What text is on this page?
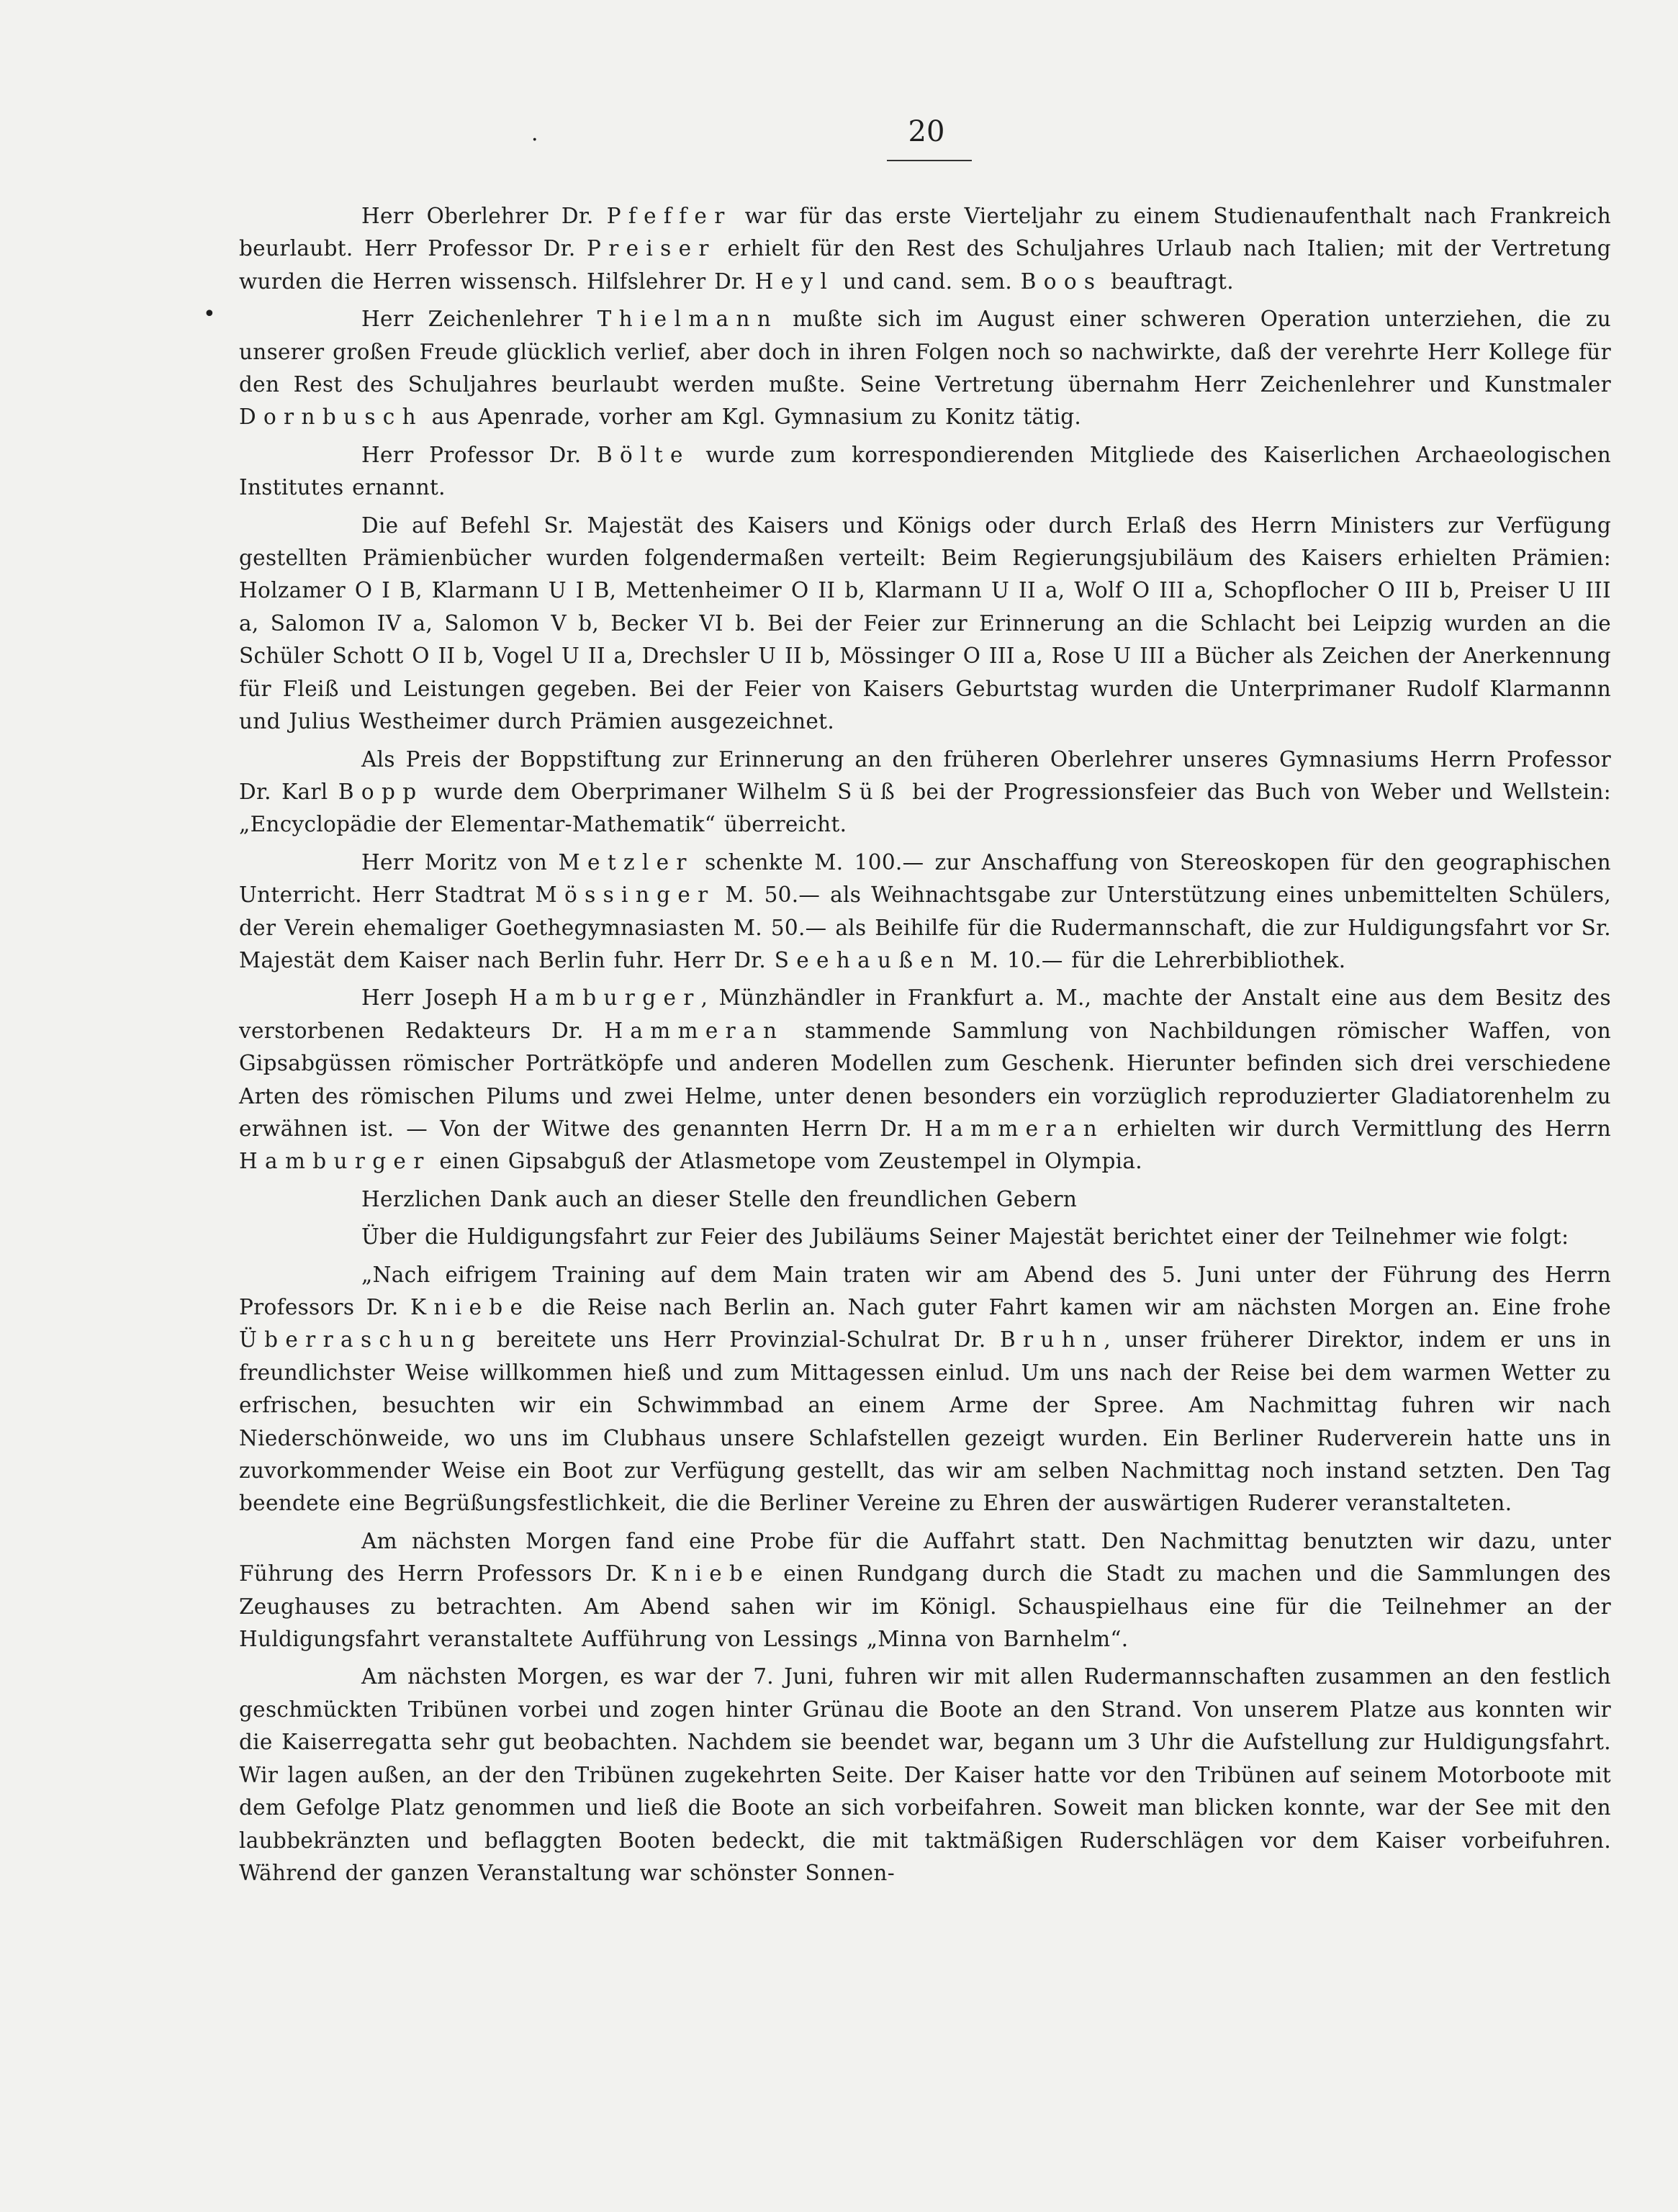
20
·
•

Herr Oberlehrer Dr. Pfeffer war für das erste Vierteljahr zu einem Studienaufenthalt nach Frankreich beurlaubt. Herr Professor Dr. Preiser erhielt für den Rest des Schuljahres Urlaub nach Italien; mit der Vertretung wurden die Herren wissensch. Hilfslehrer Dr. Heyl und cand. sem. Boos beauftragt.

Herr Zeichenlehrer Thielmann mußte sich im August einer schweren Operation unterziehen, die zu unserer großen Freude glücklich verlief, aber doch in ihren Folgen noch so nachwirkte, daß der verehrte Herr Kollege für den Rest des Schuljahres beurlaubt werden mußte. Seine Vertretung übernahm Herr Zeichenlehrer und Kunstmaler Dornbusch aus Apenrade, vorher am Kgl. Gymnasium zu Konitz tätig.

Herr Professor Dr. Bölte wurde zum korrespondierenden Mitgliede des Kaiserlichen Archaeologischen Institutes ernannt.

Die auf Befehl Sr. Majestät des Kaisers und Königs oder durch Erlaß des Herrn Ministers zur Verfügung gestellten Prämienbücher wurden folgendermaßen verteilt: Beim Regierungsjubiläum des Kaisers erhielten Prämien: Holzamer O I B, Klarmann U I B, Mettenheimer O II b, Klarmann U II a, Wolf O III a, Schopflocher O III b, Preiser U III a, Salomon IV a, Salomon V b, Becker VI b. Bei der Feier zur Erinnerung an die Schlacht bei Leipzig wurden an die Schüler Schott O II b, Vogel U II a, Drechsler U II b, Mössinger O III a, Rose U III a Bücher als Zeichen der Anerkennung für Fleiß und Leistungen gegeben. Bei der Feier von Kaisers Geburtstag wurden die Unterprimaner Rudolf Klarmannn und Julius Westheimer durch Prämien ausgezeichnet.

Als Preis der Boppstiftung zur Erinnerung an den früheren Oberlehrer unseres Gymnasiums Herrn Professor Dr. Karl Bopp wurde dem Oberprimaner Wilhelm Süß bei der Progressionsfeier das Buch von Weber und Wellstein: „Encyclopädie der Elementar-Mathematik“ überreicht.

Herr Moritz von Metzler schenkte M. 100.— zur Anschaffung von Stereoskopen für den geographischen Unterricht. Herr Stadtrat Mössinger M. 50.— als Weihnachtsgabe zur Unterstützung eines unbemittelten Schülers, der Verein ehemaliger Goethegymnasiasten M. 50.— als Beihilfe für die Rudermannschaft, die zur Huldigungsfahrt vor Sr. Majestät dem Kaiser nach Berlin fuhr. Herr Dr. Seehaußen M. 10.— für die Lehrerbibliothek.

Herr Joseph Hamburger, Münzhändler in Frankfurt a. M., machte der Anstalt eine aus dem Besitz des verstorbenen Redakteurs Dr. Hammeran stammende Sammlung von Nachbildungen römischer Waffen, von Gipsabgüssen römischer Porträtköpfe und anderen Modellen zum Geschenk. Hierunter befinden sich drei verschiedene Arten des römischen Pilums und zwei Helme, unter denen besonders ein vorzüglich reproduzierter Gladiatorenhelm zu erwähnen ist. — Von der Witwe des genannten Herrn Dr. Hammeran erhielten wir durch Vermittlung des Herrn Hamburger einen Gipsabguß der Atlasmetope vom Zeustempel in Olympia.

Herzlichen Dank auch an dieser Stelle den freundlichen Gebern

Über die Huldigungsfahrt zur Feier des Jubiläums Seiner Majestät berichtet einer der Teilnehmer wie folgt:

„Nach eifrigem Training auf dem Main traten wir am Abend des 5. Juni unter der Führung des Herrn Professors Dr. Kniebe die Reise nach Berlin an. Nach guter Fahrt kamen wir am nächsten Morgen an. Eine frohe Überraschung bereitete uns Herr Provinzial-Schulrat Dr. Bruhn, unser früherer Direktor, indem er uns in freundlichster Weise willkommen hieß und zum Mittagessen einlud. Um uns nach der Reise bei dem warmen Wetter zu erfrischen, besuchten wir ein Schwimmbad an einem Arme der Spree. Am Nachmittag fuhren wir nach Niederschönweide, wo uns im Clubhaus unsere Schlafstellen gezeigt wurden. Ein Berliner Ruderverein hatte uns in zuvorkommender Weise ein Boot zur Verfügung gestellt, das wir am selben Nachmittag noch instand setzten. Den Tag beendete eine Begrüßungsfestlichkeit, die die Berliner Vereine zu Ehren der auswärtigen Ruderer veranstalteten.

Am nächsten Morgen fand eine Probe für die Auffahrt statt. Den Nachmittag benutzten wir dazu, unter Führung des Herrn Professors Dr. Kniebe einen Rundgang durch die Stadt zu machen und die Sammlungen des Zeughauses zu betrachten. Am Abend sahen wir im Königl. Schauspielhaus eine für die Teilnehmer an der Huldigungsfahrt veranstaltete Aufführung von Lessings „Minna von Barnhelm“.

Am nächsten Morgen, es war der 7. Juni, fuhren wir mit allen Rudermannschaften zusammen an den festlich geschmückten Tribünen vorbei und zogen hinter Grünau die Boote an den Strand. Von unserem Platze aus konnten wir die Kaiserregatta sehr gut beobachten. Nachdem sie beendet war, begann um 3 Uhr die Aufstellung zur Huldigungsfahrt. Wir lagen außen, an der den Tribünen zugekehrten Seite. Der Kaiser hatte vor den Tribünen auf seinem Motorboote mit dem Gefolge Platz genommen und ließ die Boote an sich vorbeifahren. Soweit man blicken konnte, war der See mit den laubbekränzten und beflaggten Booten bedeckt, die mit taktmäßigen Ruderschlägen vor dem Kaiser vorbeifuhren. Während der ganzen Veranstaltung war schönster Sonnen-
